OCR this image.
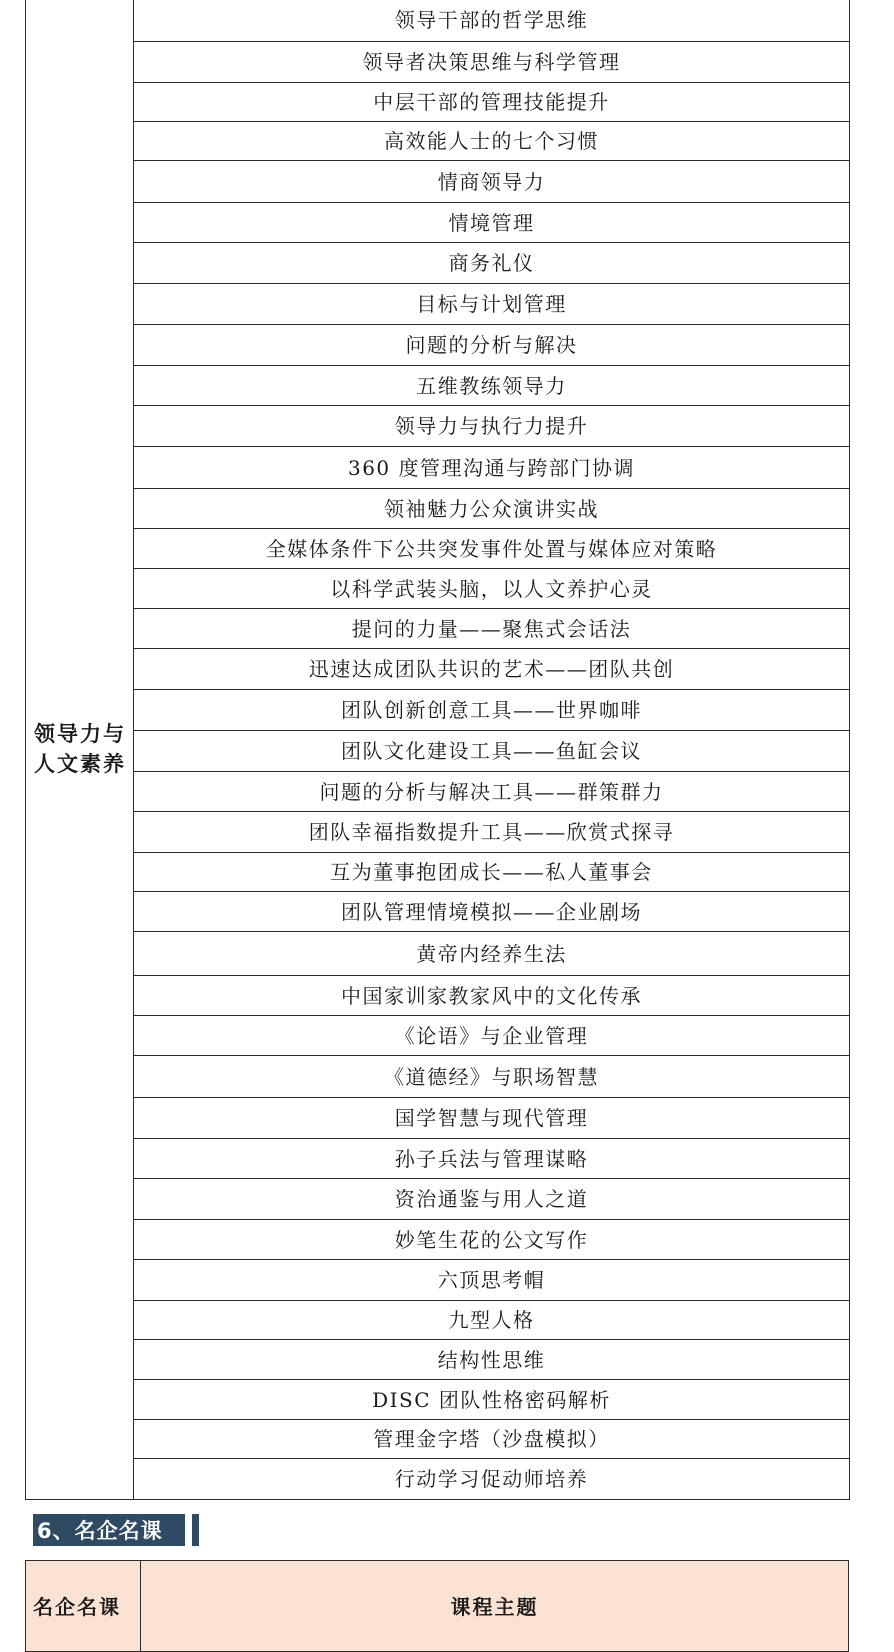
领导力与
人文素养
	领导干部的哲学思维
领导者决策思维与科学管理
中层干部的管理技能提升
高效能人士的七个习惯
情商领导力
情境管理
商务礼仪
目标与计划管理
问题的分析与解决
五维教练领导力
领导力与执行力提升
360 度管理沟通与跨部门协调
领袖魅力公众演讲实战
全媒体条件下公共突发事件处置与媒体应对策略
以科学武装头脑，以人文养护心灵
提问的力量——聚焦式会话法
迅速达成团队共识的艺术——团队共创
团队创新创意工具——世界咖啡
团队文化建设工具——鱼缸会议
问题的分析与解决工具——群策群力
团队幸福指数提升工具——欣赏式探寻
互为董事抱团成长——私人董事会
团队管理情境模拟——企业剧场
黄帝内经养生法
中国家训家教家风中的文化传承
《论语》与企业管理
《道德经》与职场智慧
国学智慧与现代管理
孙子兵法与管理谋略
资治通鉴与用人之道
妙笔生花的公文写作
六顶思考帽
九型人格
结构性思维
DISC 团队性格密码解析
管理金字塔（沙盘模拟）
行动学习促动师培养
6、名企名课
名企名课	课程主题
